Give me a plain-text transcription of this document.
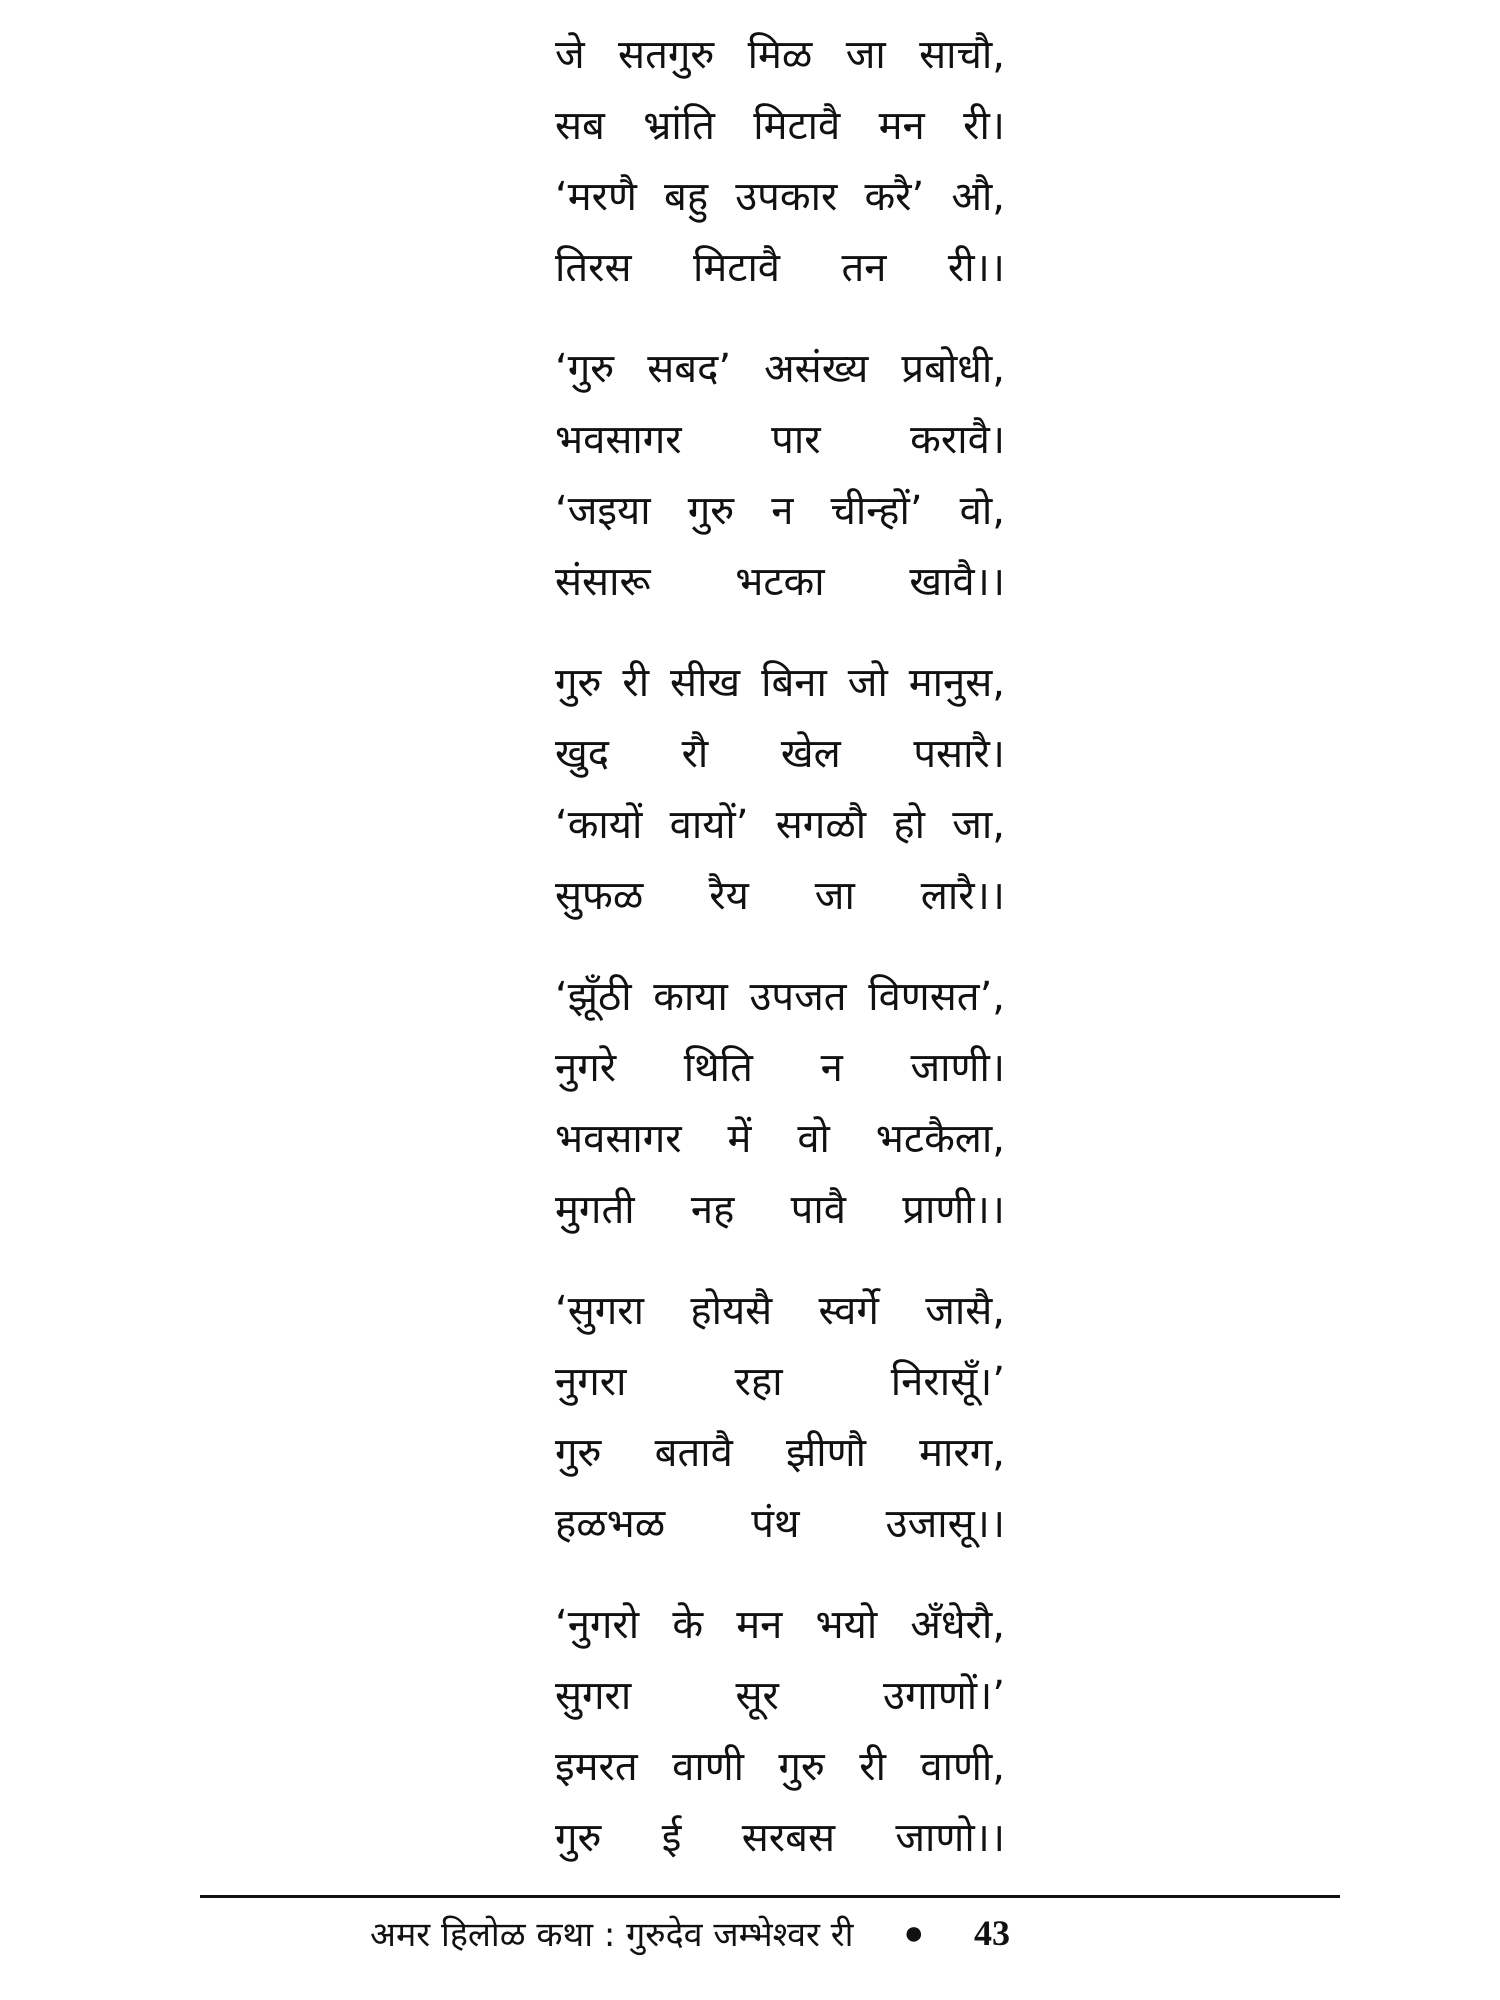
जे सतगुरु मिळ जा साचौ,
सब भ्रांति मिटावै मन री।
‘मरणै बहु उपकार करै’ औ,
तिरस मिटावै तन री।।
‘गुरु सबद’ असंख्य प्रबोधी,
भवसागर पार करावै।
‘जइया गुरु न चीन्हों’ वो,
संसारू भटका खावै।।
गुरु री सीख बिना जो मानुस,
खुद रौ खेल पसारै।
‘कायों वायों’ सगळौ हो जा,
सुफळ रैय जा लारै।।
‘झूँठी काया उपजत विणसत’,
नुगरे थिति न जाणी।
भवसागर में वो भटकैला,
मुगती नह पावै प्राणी।।
‘सुगरा होयसै स्वर्गे जासै,
नुगरा	रहा	निरासूँ।’
गुरु बतावै झीणौ मारग,
हळभळ पंथ उजासू।।
‘नुगरो के मन भयो अँधेरौ,
सुगरा	सूर	उगाणों।’
इमरत वाणी गुरु री वाणी,
गुरु ई सरबस जाणो।।
अमर हिलोळ कथा : गुरुदेव जम्भेश्वर री ● 43
